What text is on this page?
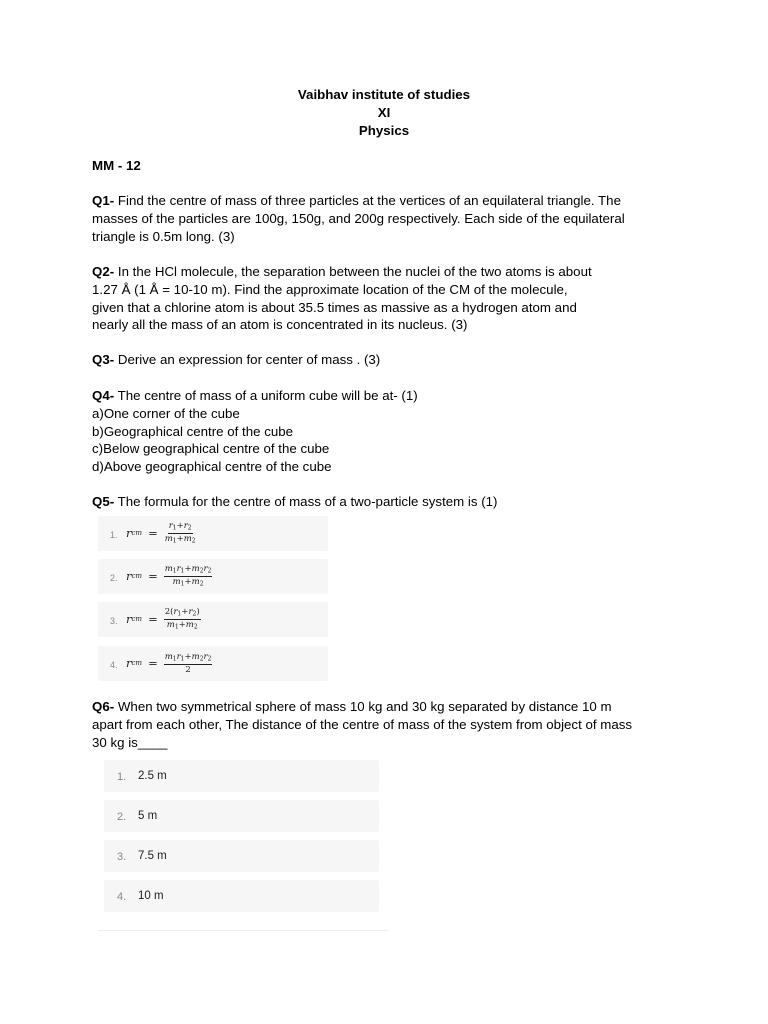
Vaibhav institute of studies
XI
Physics
MM - 12
Q1- Find the centre of mass of three particles at the vertices of an equilateral triangle. The
masses of the particles are 100g, 150g, and 200g respectively. Each side of the equilateral
triangle is 0.5m long. (3)
Q2- In the HCl molecule, the separation between the nuclei of the two atoms is about
1.27 Å (1 Å = 10-10 m). Find the approximate location of the CM of the molecule,
given that a chlorine atom is about 35.5 times as massive as a hydrogen atom and
nearly all the mass of an atom is concentrated in its nucleus. (3)
Q3- Derive an expression for center of mass . (3)
Q4- The centre of mass of a uniform cube will be at- (1)
a)One corner of the cube
b)Geographical centre of the cube
c)Below geographical centre of the cube
d)Above geographical centre of the cube
Q5- The formula for the centre of mass of a two-particle system is (1)
1. r cm = $\frac{r1+r2}{m1+m2}$
2. r cm = $\frac{m1r1+m2r2}{m1+m2}$
3. r cm = $\frac{2(r1+r2)}{m1+m2}$
4. r cm = $\frac{m1r1+m2r2}{2}$
Q6- When two symmetrical sphere of mass 10 kg and 30 kg separated by distance 10 m
apart from each other, The distance of the centre of mass of the system from object of mass
30 kg is____
1. 2.5 m
2. 5 m
3. 7.5 m
4. 10 m
